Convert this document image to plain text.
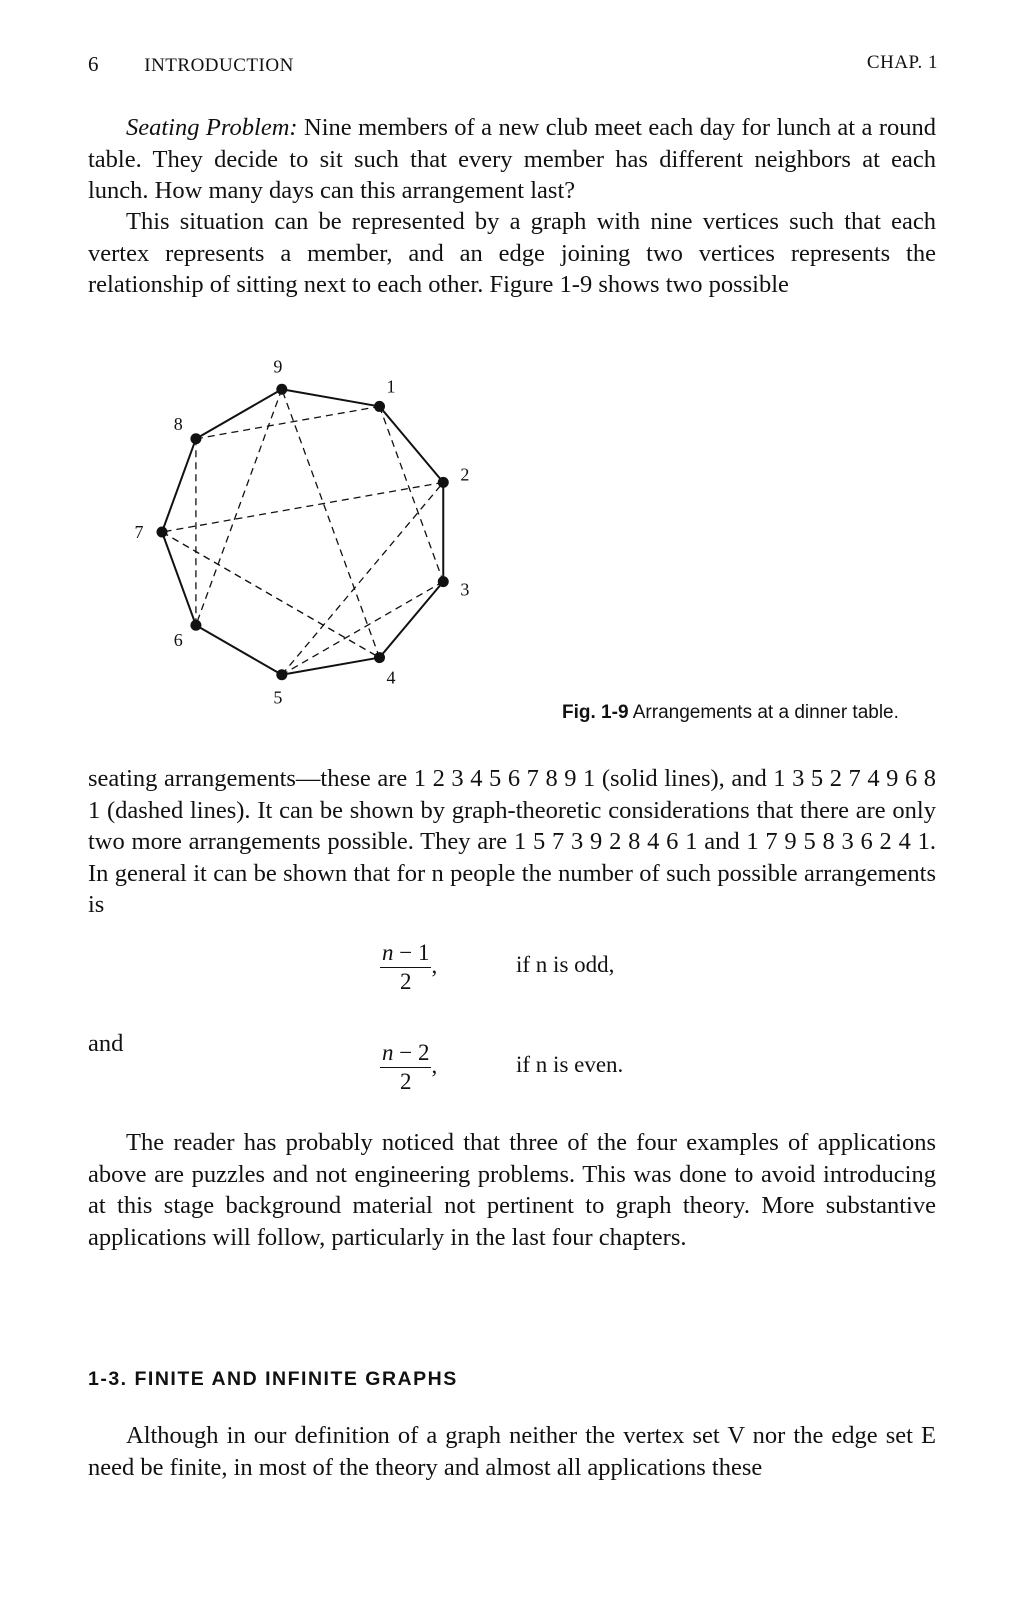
6 INTRODUCTION	CHAP. 1

Seating Problem: Nine members of a new club meet each day for lunch at a round table. They decide to sit such that every member has different neighbors at each lunch. How many days can this arrangement last?

This situation can be represented by a graph with nine vertices such that each vertex represents a member, and an edge joining two vertices represents the relationship of sitting next to each other. Figure 1-9 shows two possible

1
2
3
4
5
6
7
8
9

Fig. 1-9 Arrangements at a dinner table.

seating arrangements—these are 1 2 3 4 5 6 7 8 9 1 (solid lines), and 1 3 5 2 7 4 9 6 8 1 (dashed lines). It can be shown by graph-theoretic considerations that there are only two more arrangements possible. They are 1 5 7 3 9 2 8 4 6 1 and 1 7 9 5 8 3 6 2 4 1. In general it can be shown that for n people the number of such possible arrangements is

$\frac{n - 1}{2}$ ,	if n is odd,
and	$\frac{n - 2}{2}$ ,	if n is even.

The reader has probably noticed that three of the four examples of applications above are puzzles and not engineering problems. This was done to avoid introducing at this stage background material not pertinent to graph theory. More substantive applications will follow, particularly in the last four chapters.

1-3. FINITE AND INFINITE GRAPHS

Although in our definition of a graph neither the vertex set V nor the edge set E need be finite, in most of the theory and almost all applications these
